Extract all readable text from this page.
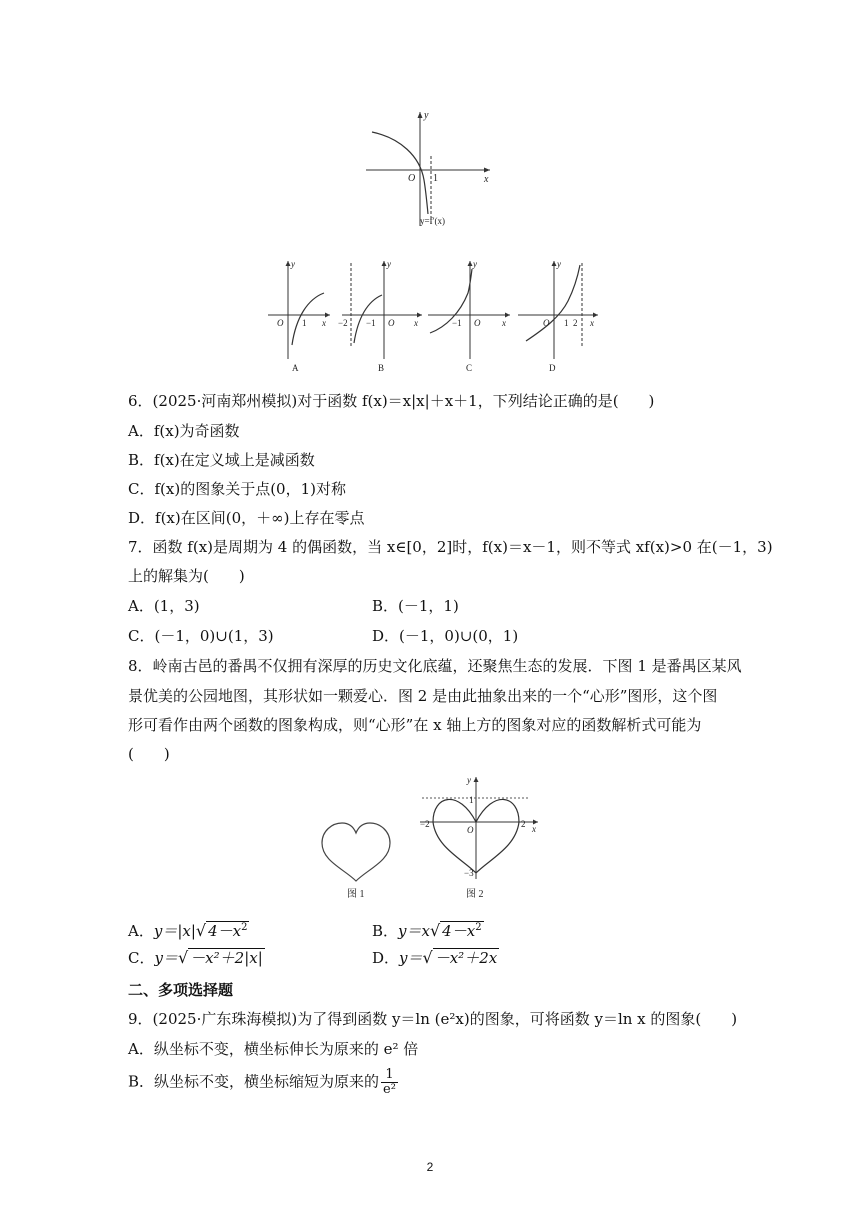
y
x
O 1
y=f′(x)
y
x
O 1
A
y
x
O
−2 −1
B
y
x
O
−1
C
y
x
O 1 2
D
6．(2025·河南郑州模拟)对于函数 f(x)＝x|x|＋x＋1，下列结论正确的是(　　)
A．f(x)为奇函数
B．f(x)在定义域上是减函数
C．f(x)的图象关于点(0，1)对称
D．f(x)在区间(0，＋∞)上存在零点
7．函数 f(x)是周期为 4 的偶函数，当 x∈[0，2]时，f(x)＝x－1，则不等式 xf(x)>0 在(－1，3)
上的解集为(　　)
A．(1，3)	B．(－1，1)
C．(－1，0)∪(1，3)	D．(－1，0)∪(0，1)
8．岭南古邑的番禺不仅拥有深厚的历史文化底蕴，还聚焦生态的发展．下图 1 是番禺区某风
景优美的公园地图，其形状如一颗爱心．图 2 是由此抽象出来的一个“心形”图形，这个图
形可看作由两个函数的图象构成，则“心形”在 x 轴上方的图象对应的函数解析式可能为
(　　)
图 1
y
x
O
−2	2
1
−3
图 2
A．y＝|x|√ $4-x^2$	B．y＝x√ $4-x^2$
C．y＝√ －x²＋2|x|	D．y＝√ －x²＋2x
二、多项选择题
9．(2025·广东珠海模拟)为了得到函数 y＝ln (e²x)的图象，可将函数 y＝ln x 的图象(　　)
A．纵坐标不变，横坐标伸长为原来的 e² 倍
B．纵坐标不变，横坐标缩短为原来的 $\frac{1}{\text{e²}}$
2
